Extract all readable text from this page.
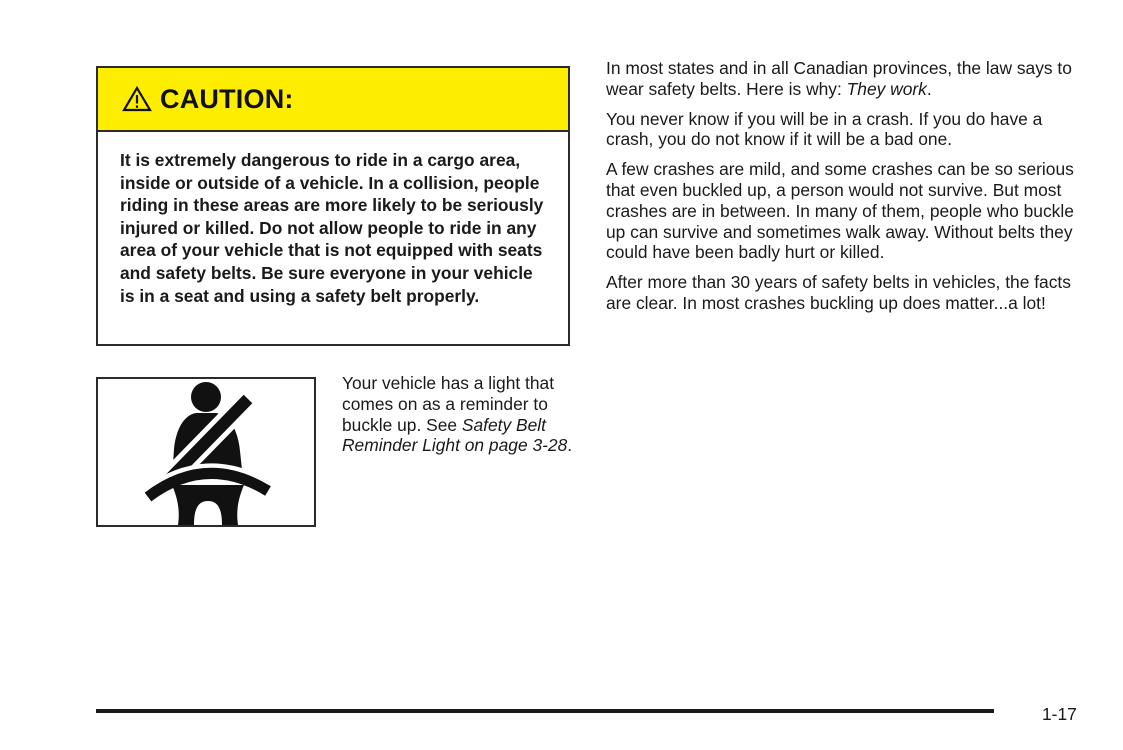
CAUTION:
It is extremely dangerous to ride in a cargo area, inside or outside of a vehicle. In a collision, people riding in these areas are more likely to be seriously injured or killed. Do not allow people to ride in any area of your vehicle that is not equipped with seats and safety belts. Be sure everyone in your vehicle is in a seat and using a safety belt properly.
Your vehicle has a light that comes on as a reminder to buckle up. See Safety Belt Reminder Light on page 3-28.

In most states and in all Canadian provinces, the law says to wear safety belts. Here is why: They work.

You never know if you will be in a crash. If you do have a crash, you do not know if it will be a bad one.

A few crashes are mild, and some crashes can be so serious that even buckled up, a person would not survive. But most crashes are in between. In many of them, people who buckle up can survive and sometimes walk away. Without belts they could have been badly hurt or killed.

After more than 30 years of safety belts in vehicles, the facts are clear. In most crashes buckling up does matter...a lot!

1-17
